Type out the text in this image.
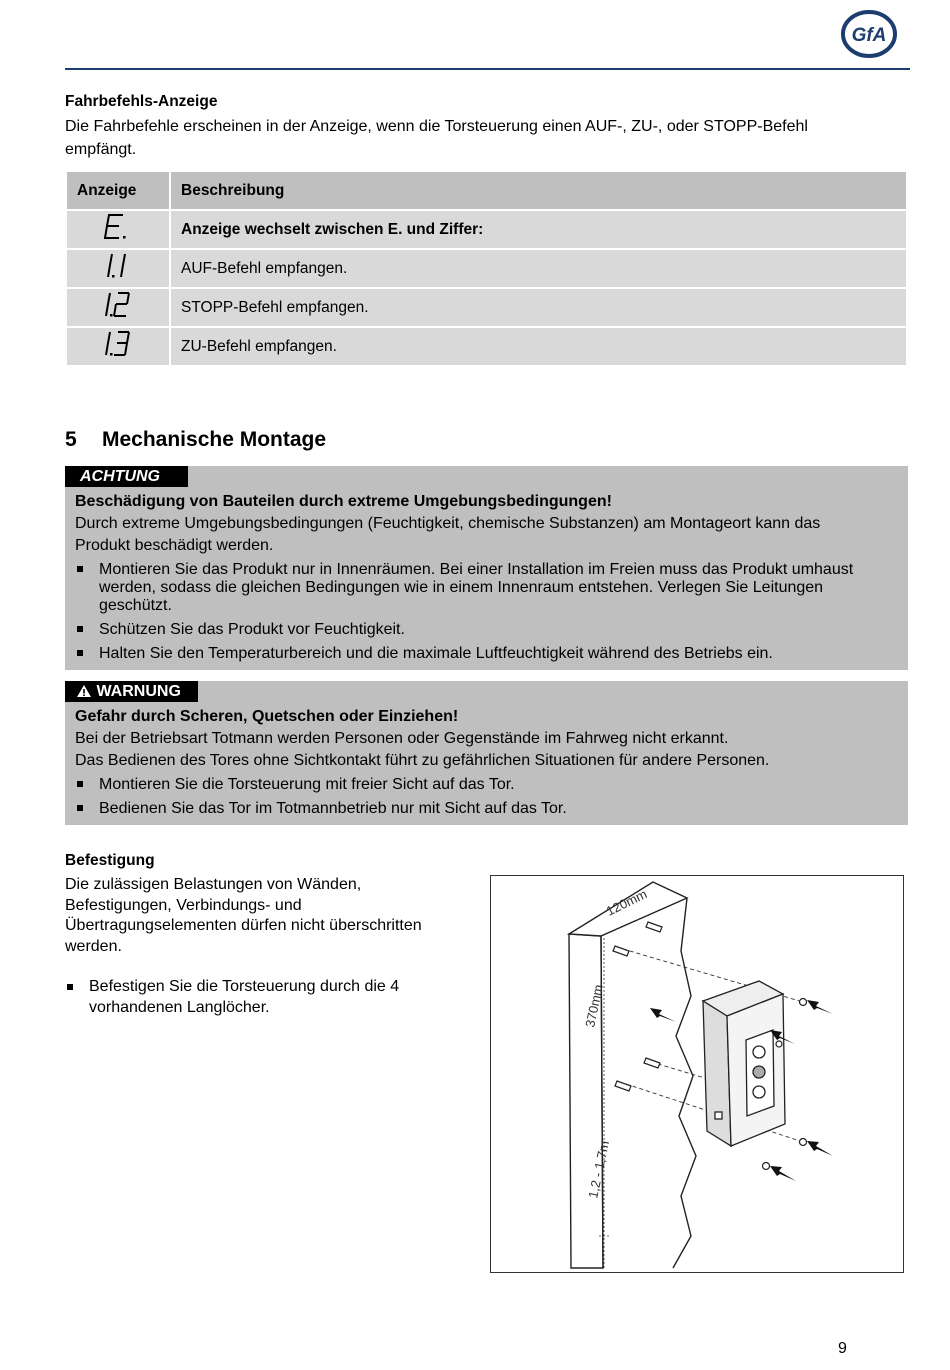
GfA
Fahrbefehls-Anzeige
Die Fahrbefehle erscheinen in der Anzeige, wenn die Torsteuerung einen AUF-, ZU-, oder STOPP-Befehl
empfängt.
Anzeige	Beschreibung
	Anzeige wechselt zwischen E. und Ziffer:
	AUF-Befehl empfangen.
	STOPP-Befehl empfangen.
	ZU-Befehl empfangen.
5 Mechanische Montage
ACHTUNG
Beschädigung von Bauteilen durch extreme Umgebungsbedingungen!
Durch extreme Umgebungsbedingungen (Feuchtigkeit, chemische Substanzen) am Montageort kann das
Produkt beschädigt werden.
Montieren Sie das Produkt nur in Innenräumen. Bei einer Installation im Freien muss das Produkt umhaust werden, sodass die gleichen Bedingungen wie in einem Innenraum entstehen. Verlegen Sie Leitungen geschützt.
Schützen Sie das Produkt vor Feuchtigkeit.
Halten Sie den Temperaturbereich und die maximale Luftfeuchtigkeit während des Betriebs ein.
WARNUNG
Gefahr durch Scheren, Quetschen oder Einziehen!
Bei der Betriebsart Totmann werden Personen oder Gegenstände im Fahrweg nicht erkannt.
Das Bedienen des Tores ohne Sichtkontakt führt zu gefährlichen Situationen für andere Personen.
Montieren Sie die Torsteuerung mit freier Sicht auf das Tor.
Bedienen Sie das Tor im Totmannbetrieb nur mit Sicht auf das Tor.
Befestigung
Die zulässigen Belastungen von Wänden,
Befestigungen, Verbindungs- und
Übertragungselementen dürfen nicht überschritten
werden.
Befestigen Sie die Torsteuerung durch die 4
vorhandenen Langlöcher.
120mm
370mm
1,2 - 1,7m
9
